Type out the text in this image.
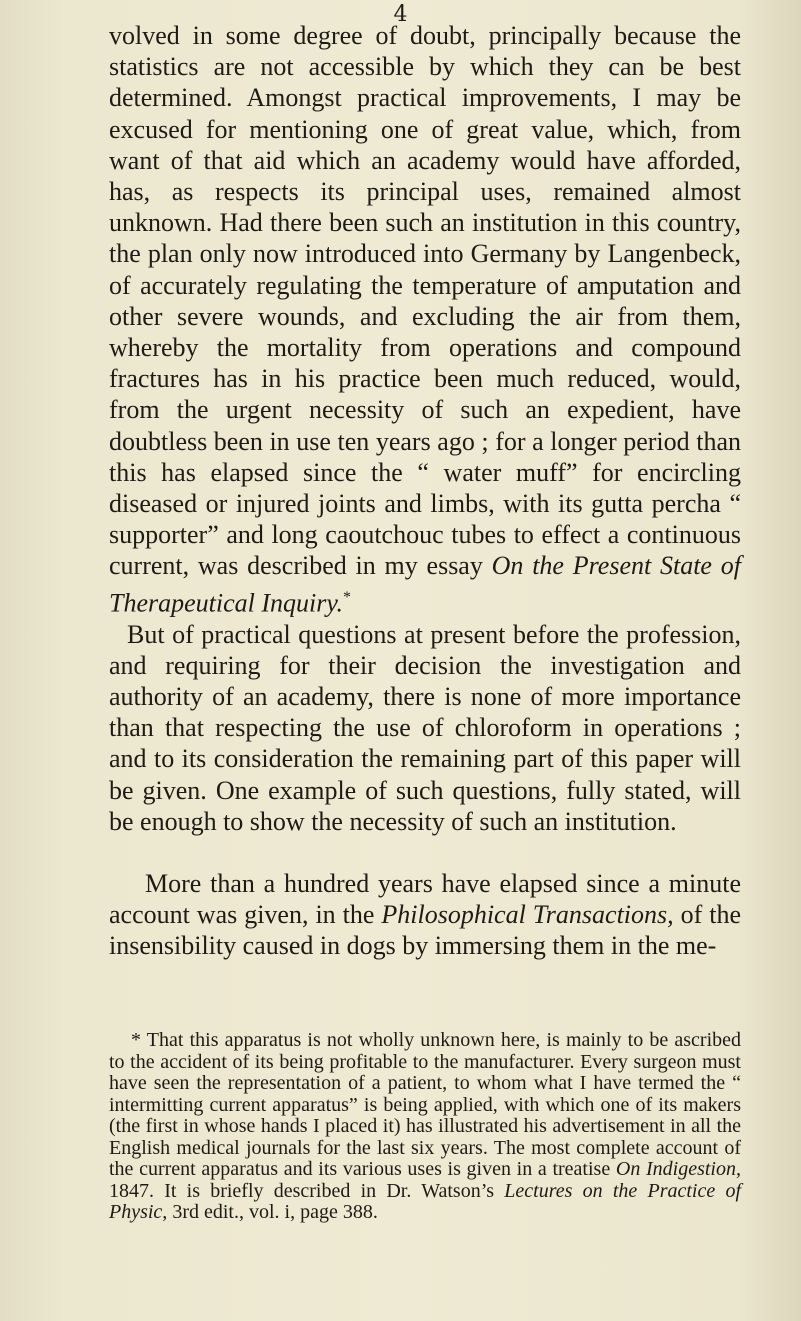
4

volved in some degree of doubt, principally because the statistics are not accessible by which they can be best determined. Amongst practical improvements, I may be excused for mentioning one of great value, which, from want of that aid which an academy would have afforded, has, as respects its principal uses, remained almost unknown. Had there been such an institution in this country, the plan only now introduced into Germany by Langenbeck, of accurately regulating the temperature of amputation and other severe wounds, and excluding the air from them, whereby the mortality from operations and compound fractures has in his practice been much reduced, would, from the urgent necessity of such an expedient, have doubtless been in use ten years ago ; for a longer period than this has elapsed since the “ water muff” for encircling diseased or injured joints and limbs, with its gutta percha “ supporter” and long caoutchouc tubes to effect a continuous current, was described in my essay On the Present State of Therapeutical Inquiry.*

But of practical questions at present before the profession, and requiring for their decision the investigation and authority of an academy, there is none of more importance than that respecting the use of chloroform in operations ; and to its consideration the remaining part of this paper will be given. One example of such questions, fully stated, will be enough to show the necessity of such an institution.

More than a hundred years have elapsed since a minute account was given, in the Philosophical Transactions, of the insensibility caused in dogs by immersing them in the me-

* That this apparatus is not wholly unknown here, is mainly to be ascribed to the accident of its being profitable to the manufacturer. Every surgeon must have seen the representation of a patient, to whom what I have termed the “ intermitting current apparatus” is being applied, with which one of its makers (the first in whose hands I placed it) has illustrated his advertisement in all the English medical journals for the last six years. The most complete account of the current apparatus and its various uses is given in a treatise On Indigestion, 1847. It is briefly described in Dr. Watson’s Lectures on the Practice of Physic, 3rd edit., vol. i, page 388.
